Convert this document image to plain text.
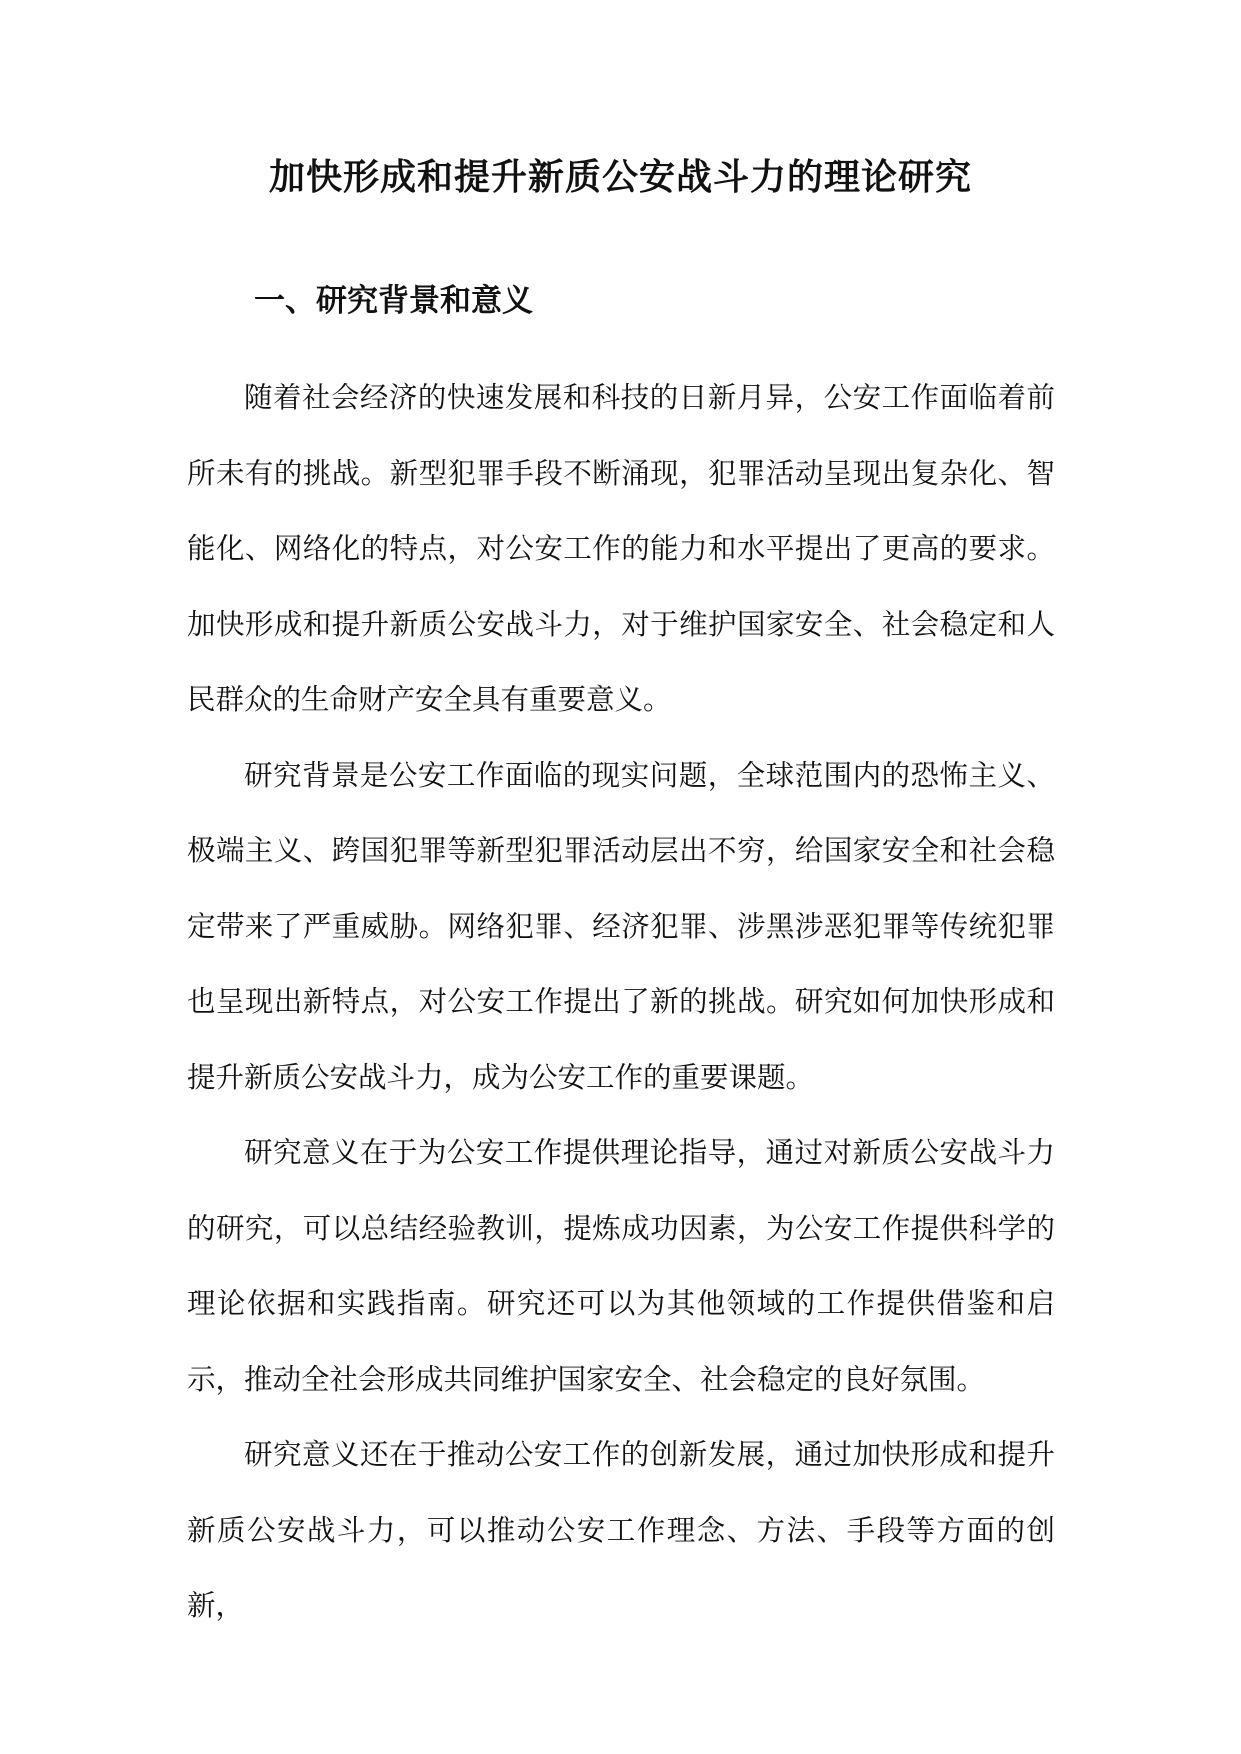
加快形成和提升新质公安战斗力的理论研究
一、研究背景和意义

随着社会经济的快速发展和科技的日新月异，公安工作面临着前所未有的挑战。新型犯罪手段不断涌现，犯罪活动呈现出复杂化、智能化、网络化的特点，对公安工作的能力和水平提出了更高的要求。加快形成和提升新质公安战斗力，对于维护国家安全、社会稳定和人民群众的生命财产安全具有重要意义。

研究背景是公安工作面临的现实问题，全球范围内的恐怖主义、极端主义、跨国犯罪等新型犯罪活动层出不穷，给国家安全和社会稳定带来了严重威胁。网络犯罪、经济犯罪、涉黑涉恶犯罪等传统犯罪也呈现出新特点，对公安工作提出了新的挑战。研究如何加快形成和提升新质公安战斗力，成为公安工作的重要课题。

研究意义在于为公安工作提供理论指导，通过对新质公安战斗力的研究，可以总结经验教训，提炼成功因素，为公安工作提供科学的理论依据和实践指南。研究还可以为其他领域的工作提供借鉴和启示，推动全社会形成共同维护国家安全、社会稳定的良好氛围。

研究意义还在于推动公安工作的创新发展，通过加快形成和提升新质公安战斗力，可以推动公安工作理念、方法、手段等方面的创新，
